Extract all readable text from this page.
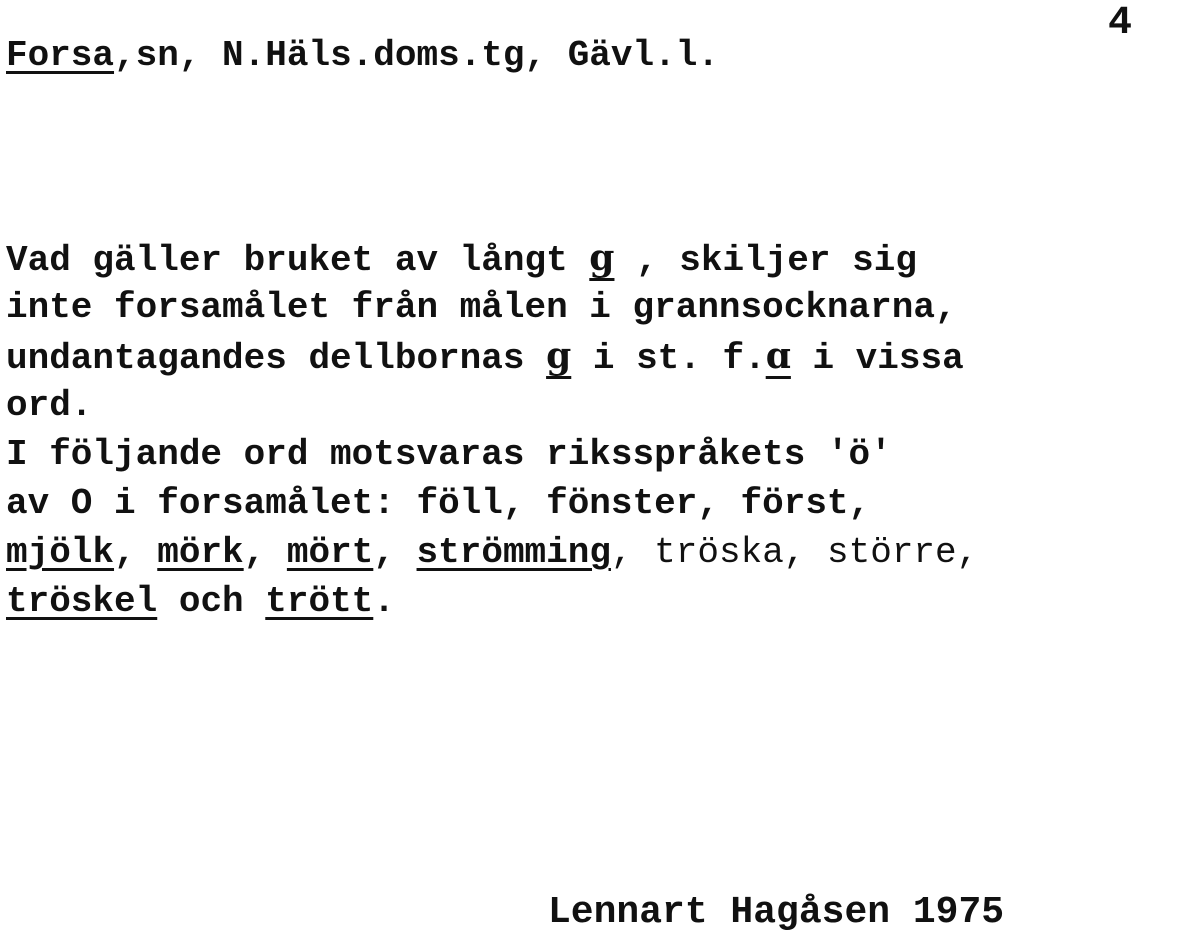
4
Forsa,sn, N.Häls.doms.tg, Gävl.l.
Vad gäller bruket av långt g , skiljer sig
inte forsamålet från målen i grannsocknarna,
undantagandes dellbornas g i st. f.ɑ i vissa
ord.
I följande ord motsvaras riksspråkets 'ö'
av O i forsamålet: föll, fönster, först,
mjölk, mörk, mört, strömming, tröska, större,
tröskel och trött.
Lennart Hagåsen 1975
